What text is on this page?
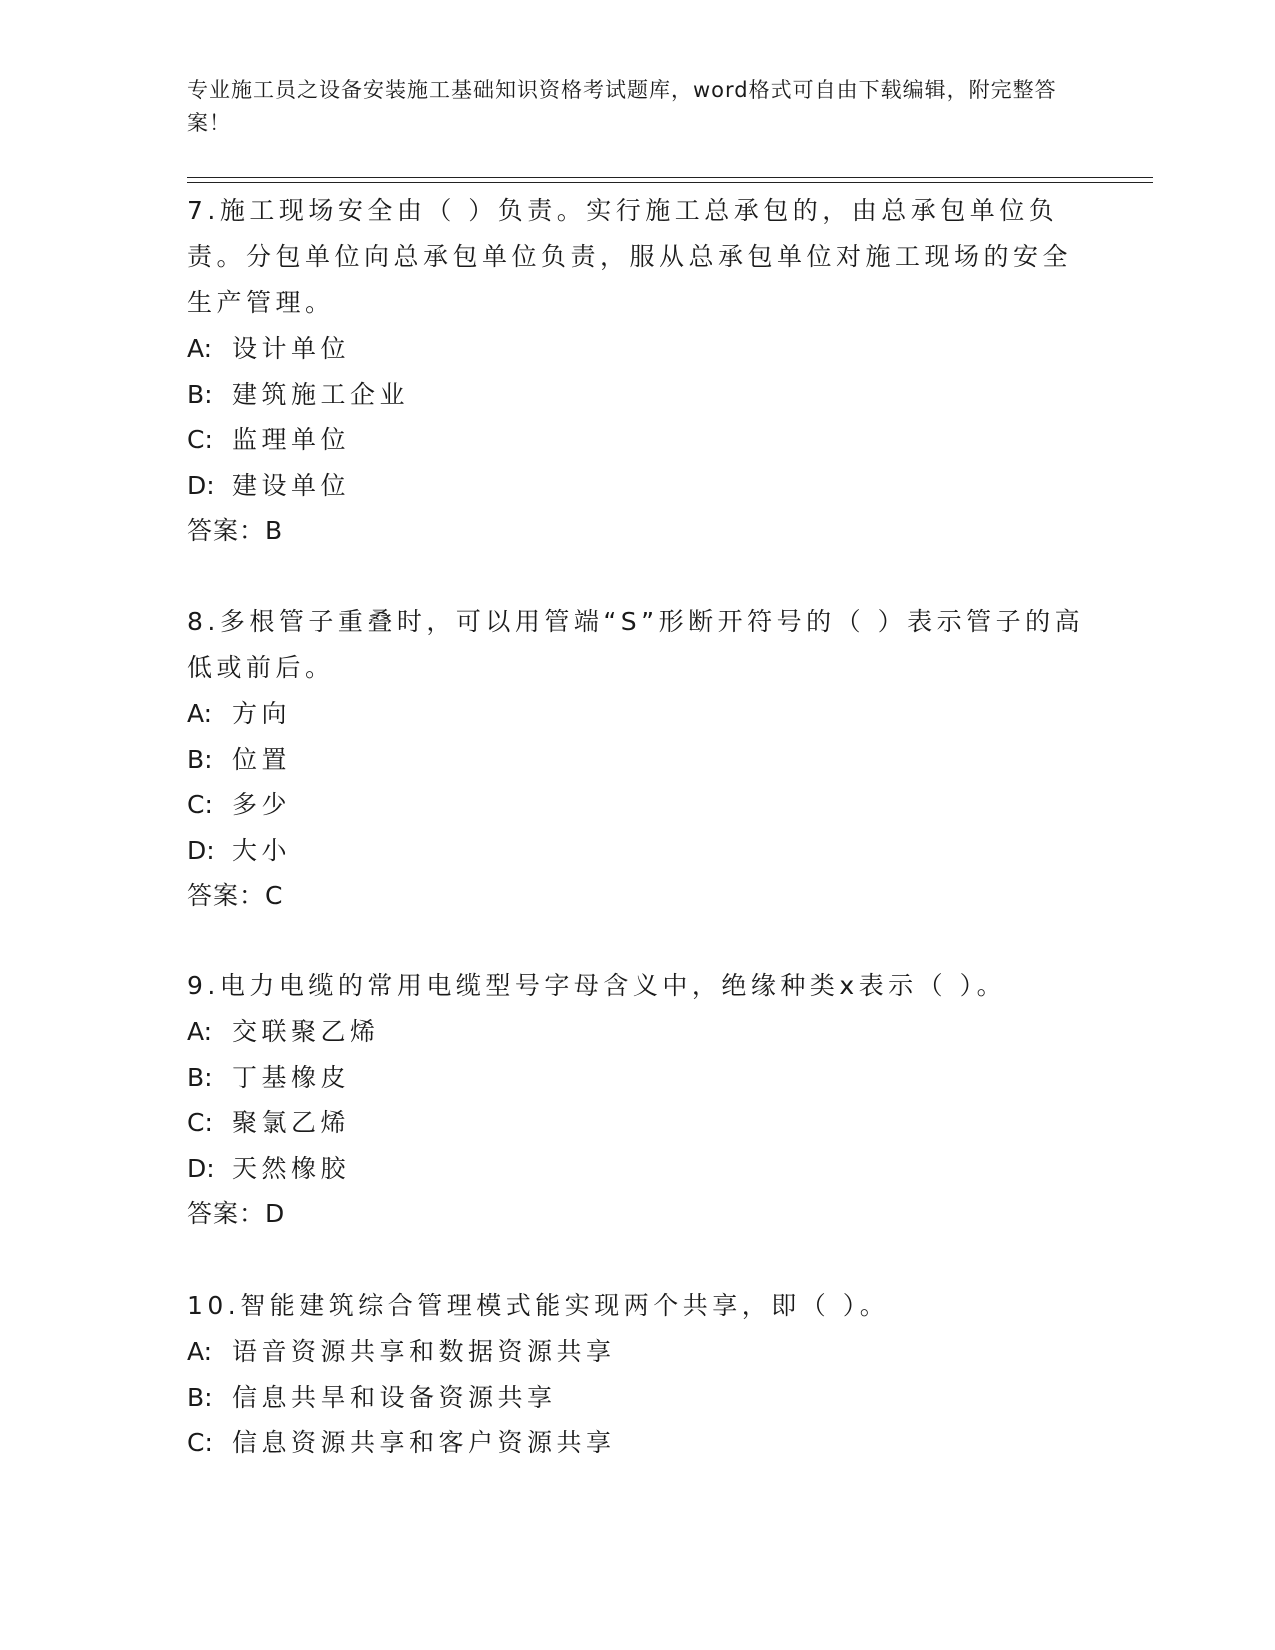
专业施工员之设备安装施工基础知识资格考试题库，word格式可自由下载编辑，附完整答案！
7.施工现场安全由（ ）负责。实行施工总承包的，由总承包单位负责。分包单位向总承包单位负责，服从总承包单位对施工现场的安全生产管理。
A: 设计单位
B: 建筑施工企业
C: 监理单位
D: 建设单位
答案：B
8.多根管子重叠时，可以用管端“S”形断开符号的（ ）表示管子的高低或前后。
A: 方向
B: 位置
C: 多少
D: 大小
答案：C
9.电力电缆的常用电缆型号字母含义中，绝缘种类x表示（ ）。
A: 交联聚乙烯
B: 丁基橡皮
C: 聚氯乙烯
D: 天然橡胶
答案：D
10.智能建筑综合管理模式能实现两个共享，即（ ）。
A: 语音资源共享和数据资源共享
B: 信息共旱和设备资源共享
C: 信息资源共享和客户资源共享
